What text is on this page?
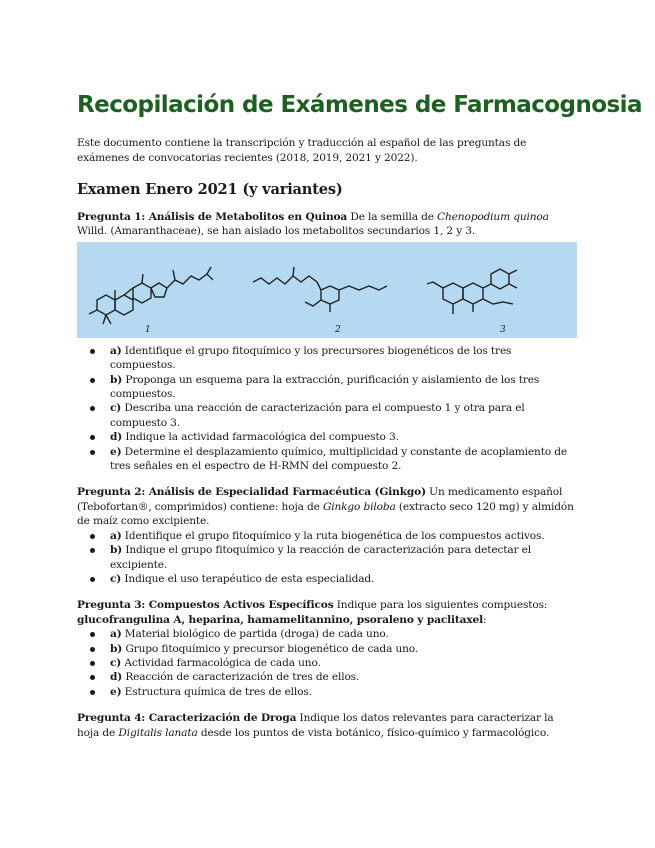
Recopilación de Exámenes de Farmacognosia

Este documento contiene la transcripción y traducción al español de las preguntas de exámenes de convocatorias recientes (2018, 2019, 2021 y 2022).

Examen Enero 2021 (y variantes)

Pregunta 1: Análisis de Metabolitos en Quinoa De la semilla de Chenopodium quinoa Willd. (Amaranthaceae), se han aislado los metabolitos secundarios 1, 2 y 3.

1	2	3
a) Identifique el grupo fitoquímico y los precursores biogenéticos de los tres compuestos.
b) Proponga un esquema para la extracción, purificación y aislamiento de los tres compuestos.
c) Describa una reacción de caracterización para el compuesto 1 y otra para el compuesto 3.
d) Indique la actividad farmacológica del compuesto 3.
e) Determine el desplazamiento químico, multiplicidad y constante de acoplamiento de tres señales en el espectro de H-RMN del compuesto 2.

Pregunta 2: Análisis de Especialidad Farmacéutica (Ginkgo) Un medicamento español (Tebofortan®, comprimidos) contiene: hoja de Ginkgo biloba (extracto seco 120 mg) y almidón de maíz como excipiente.

a) Identifique el grupo fitoquímico y la ruta biogenética de los compuestos activos.
b) Indique el grupo fitoquímico y la reacción de caracterización para detectar el excipiente.
c) Indique el uso terapéutico de esta especialidad.

Pregunta 3: Compuestos Activos Específicos Indique para los siguientes compuestos: glucofrangulina A, heparina, hamamelitannino, psoraleno y paclitaxel:

a) Material biológico de partida (droga) de cada uno.
b) Grupo fitoquímico y precursor biogenético de cada uno.
c) Actividad farmacológica de cada uno.
d) Reacción de caracterización de tres de ellos.
e) Estructura química de tres de ellos.

Pregunta 4: Caracterización de Droga Indique los datos relevantes para caracterizar la hoja de Digitalis lanata desde los puntos de vista botánico, físico-químico y farmacológico.
